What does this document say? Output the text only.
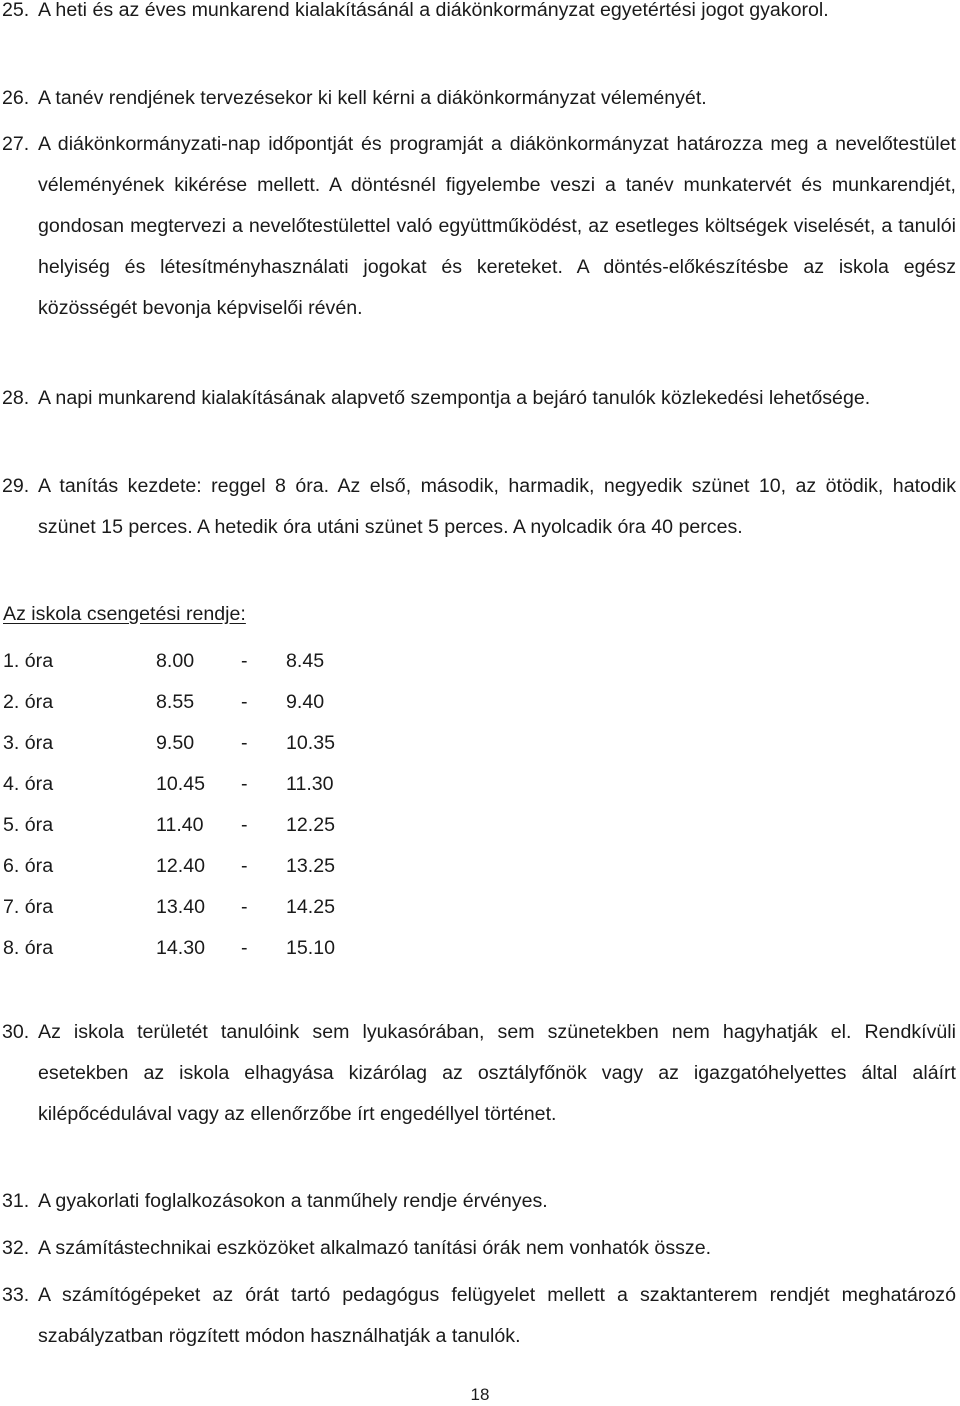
25. A heti és az éves munkarend kialakításánál a diákönkormányzat egyetértési jogot gyakorol.
26. A tanév rendjének tervezésekor ki kell kérni a diákönkormányzat véleményét.
27. A diákönkormányzati-nap időpontját és programját a diákönkormányzat határozza meg a nevelőtestület véleményének kikérése mellett. A döntésnél figyelembe veszi a tanév munkatervét és munkarendjét, gondosan megtervezi a nevelőtestülettel való együttműködést, az esetleges költségek viselését, a tanulói helyiség és létesítményhasználati jogokat és kereteket. A döntés-előkészítésbe az iskola egész közösségét bevonja képviselői révén.
28. A napi munkarend kialakításának alapvető szempontja a bejáró tanulók közlekedési lehetősége.
29. A tanítás kezdete: reggel 8 óra. Az első, második, harmadik, negyedik szünet 10, az ötödik, hatodik szünet 15 perces. A hetedik óra utáni szünet 5 perces. A nyolcadik óra 40 perces.
Az iskola csengetési rendje:
1. óra	8.00 - 8.45
2. óra	8.55 - 9.40
3. óra	9.50 - 10.35
4. óra	10.45 - 11.30
5. óra	11.40 - 12.25
6. óra	12.40 - 13.25
7. óra	13.40 - 14.25
8. óra	14.30 - 15.10
30. Az iskola területét tanulóink sem lyukasórában, sem szünetekben nem hagyhatják el. Rendkívüli esetekben az iskola elhagyása kizárólag az osztályfőnök vagy az igazgatóhelyettes által aláírt kilépőcédulával vagy az ellenőrzőbe írt engedéllyel történet.
31. A gyakorlati foglalkozásokon a tanműhely rendje érvényes.
32. A számítástechnikai eszközöket alkalmazó tanítási órák nem vonhatók össze.
33. A számítógépeket az órát tartó pedagógus felügyelet mellett a szaktanterem rendjét meghatározó szabályzatban rögzített módon használhatják a tanulók.
18
